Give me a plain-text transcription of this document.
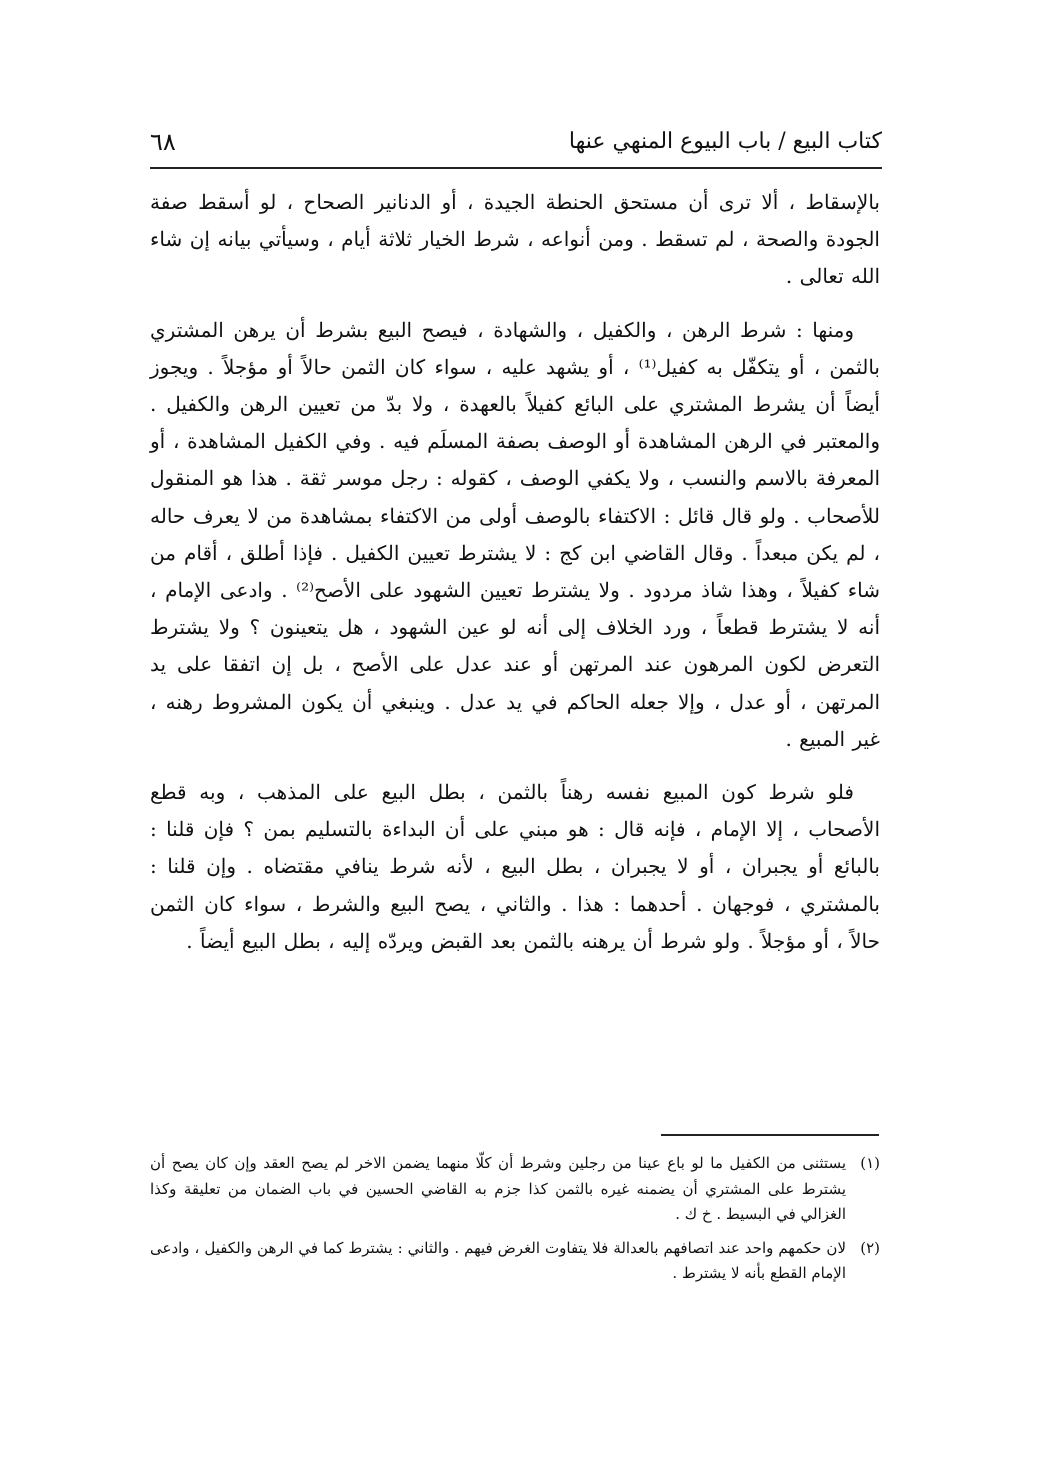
كتاب البيع / باب البيوع المنهي عنها
٦٨

بالإسقاط ، ألا ترى أن مستحق الحنطة الجيدة ، أو الدنانير الصحاح ، لو أسقط صفة الجودة والصحة ، لم تسقط . ومن أنواعه ، شرط الخيار ثلاثة أيام ، وسيأتي بيانه إن شاء الله تعالى .

ومنها : شرط الرهن ، والكفيل ، والشهادة ، فيصح البيع بشرط أن يرهن المشتري بالثمن ، أو يتكفّل به كفيل⁽¹⁾ ، أو يشهد عليه ، سواء كان الثمن حالاً أو مؤجلاً . ويجوز أيضاً أن يشرط المشتري على البائع كفيلاً بالعهدة ، ولا بدّ من تعيين الرهن والكفيل . والمعتبر في الرهن المشاهدة أو الوصف بصفة المسلَم فيه . وفي الكفيل المشاهدة ، أو المعرفة بالاسم والنسب ، ولا يكفي الوصف ، كقوله : رجل موسر ثقة . هذا هو المنقول للأصحاب . ولو قال قائل : الاكتفاء بالوصف أولى من الاكتفاء بمشاهدة من لا يعرف حاله ، لم يكن مبعداً . وقال القاضي ابن كج : لا يشترط تعيين الكفيل . فإذا أطلق ، أقام من شاء كفيلاً ، وهذا شاذ مردود . ولا يشترط تعيين الشهود على الأصح⁽²⁾ . وادعى الإمام ، أنه لا يشترط قطعاً ، ورد الخلاف إلى أنه لو عين الشهود ، هل يتعينون ؟ ولا يشترط التعرض لكون المرهون عند المرتهن أو عند عدل على الأصح ، بل إن اتفقا على يد المرتهن ، أو عدل ، وإلا جعله الحاكم في يد عدل . وينبغي أن يكون المشروط رهنه ، غير المبيع .

فلو شرط كون المبيع نفسه رهناً بالثمن ، بطل البيع على المذهب ، وبه قطع الأصحاب ، إلا الإمام ، فإنه قال : هو مبني على أن البداءة بالتسليم بمن ؟ فإن قلنا : بالبائع أو يجبران ، أو لا يجبران ، بطل البيع ، لأنه شرط ينافي مقتضاه . وإن قلنا : بالمشتري ، فوجهان . أحدهما : هذا . والثاني ، يصح البيع والشرط ، سواء كان الثمن حالاً ، أو مؤجلاً . ولو شرط أن يرهنه بالثمن بعد القبض ويردّه إليه ، بطل البيع أيضاً .

(١)
يستثنى من الكفيل ما لو باع عينا من رجلين وشرط أن كلّا منهما يضمن الاخر لم يصح العقد وإن كان يصح أن يشترط على المشتري أن يضمنه غيره بالثمن كذا جزم به القاضي الحسين في باب الضمان من تعليقة وكذا الغزالي في البسيط . خ ك .
(٢)
لان حكمهم واحد عند اتصافهم بالعدالة فلا يتفاوت الغرض فيهم . والثاني : يشترط كما في الرهن والكفيل ، وادعى الإمام القطع بأنه لا يشترط .
